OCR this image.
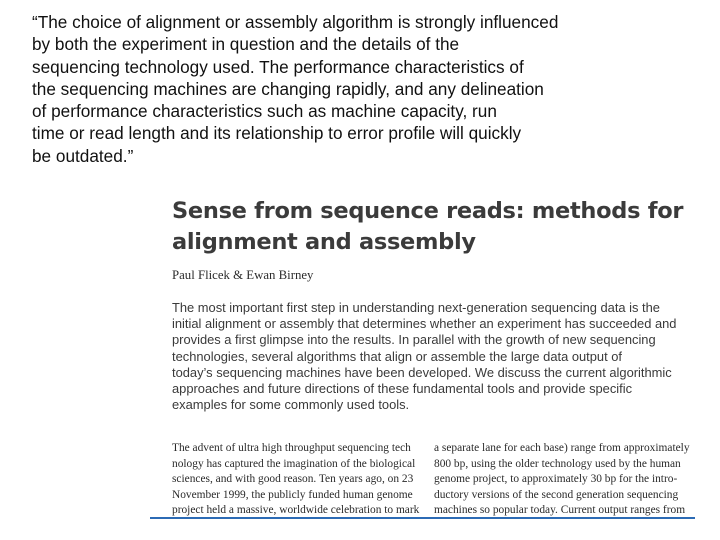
“The choice of alignment or assembly algorithm is strongly influenced
by both the experiment in question and the details of the
sequencing technology used. The performance characteristics of
the sequencing machines are changing rapidly, and any delineation
of performance characteristics such as machine capacity, run
time or read length and its relationship to error profile will quickly
be outdated.”
Sense from sequence reads: methods for
alignment and assembly
Paul Flicek & Ewan Birney
The most important first step in understanding next-generation sequencing data is the
initial alignment or assembly that determines whether an experiment has succeeded and
provides a first glimpse into the results. In parallel with the growth of new sequencing
technologies, several algorithms that align or assemble the large data output of
today’s sequencing machines have been developed. We discuss the current algorithmic
approaches and future directions of these fundamental tools and provide specific
examples for some commonly used tools.
The advent of ultra high throughput sequencing tech
nology has captured the imagination of the biological
sciences, and with good reason. Ten years ago, on 23
November 1999, the publicly funded human genome
project held a massive, worldwide celebration to mark
a separate lane for each base) range from approximately
800 bp, using the older technology used by the human
genome project, to approximately 30 bp for the intro-
ductory versions of the second generation sequencing
machines so popular today. Current output ranges from
